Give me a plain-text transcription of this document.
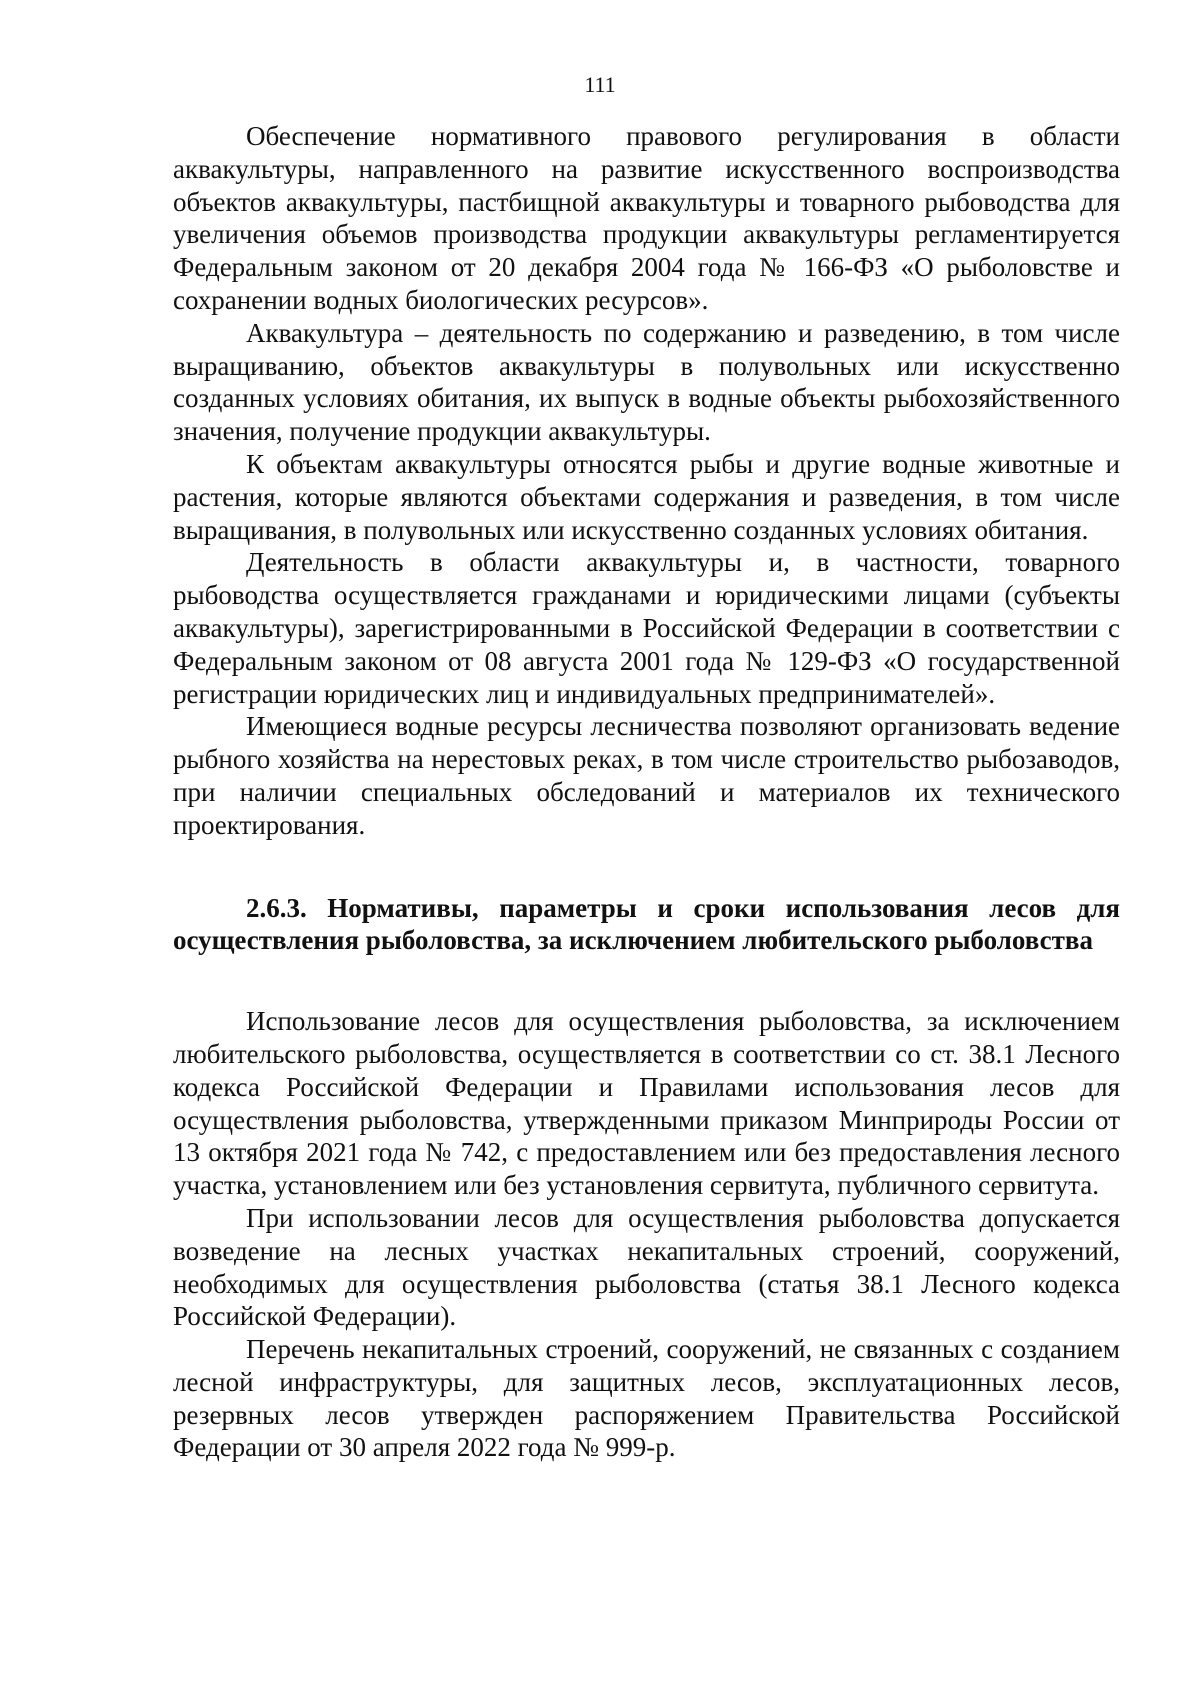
111

Обеспечение нормативного правового регулирования в области аквакультуры, направленного на развитие искусственного воспроизводства объектов аквакультуры, пастбищной аквакультуры и товарного рыбоводства для увеличения объемов производства продукции аквакультуры регламентируется Федеральным законом от 20 декабря 2004 года № 166-ФЗ «О рыболовстве и сохранении водных биологических ресурсов».

Аквакультура – деятельность по содержанию и разведению, в том числе выращиванию, объектов аквакультуры в полувольных или искусственно созданных условиях обитания, их выпуск в водные объекты рыбохозяйственного значения, получение продукции аквакультуры.

К объектам аквакультуры относятся рыбы и другие водные животные и растения, которые являются объектами содержания и разведения, в том числе выращивания, в полувольных или искусственно созданных условиях обитания.

Деятельность в области аквакультуры и, в частности, товарного рыбоводства осуществляется гражданами и юридическими лицами (субъекты аквакультуры), зарегистрированными в Российской Федерации в соответствии с Федеральным законом от 08 августа 2001 года № 129-ФЗ «О государственной регистрации юридических лиц и индивидуальных предпринимателей».

Имеющиеся водные ресурсы лесничества позволяют организовать ведение рыбного хозяйства на нерестовых реках, в том числе строительство рыбозаводов, при наличии специальных обследований и материалов их технического проектирования.

2.6.3. Нормативы, параметры и сроки использования лесов для осуществления рыболовства, за исключением любительского рыболовства

Использование лесов для осуществления рыболовства, за исключением любительского рыболовства, осуществляется в соответствии со ст. 38.1 Лесного кодекса Российской Федерации и Правилами использования лесов для осуществления рыболовства, утвержденными приказом Минприроды России от 13 октября 2021 года № 742, с предоставлением или без предоставления лесного участка, установлением или без установления сервитута, публичного сервитута.

При использовании лесов для осуществления рыболовства допускается возведение на лесных участках некапитальных строений, сооружений, необходимых для осуществления рыболовства (статья 38.1 Лесного кодекса Российской Федерации).

Перечень некапитальных строений, сооружений, не связанных с созданием лесной инфраструктуры, для защитных лесов, эксплуатационных лесов, резервных лесов утвержден распоряжением Правительства Российской Федерации от 30 апреля 2022 года № 999-р.
